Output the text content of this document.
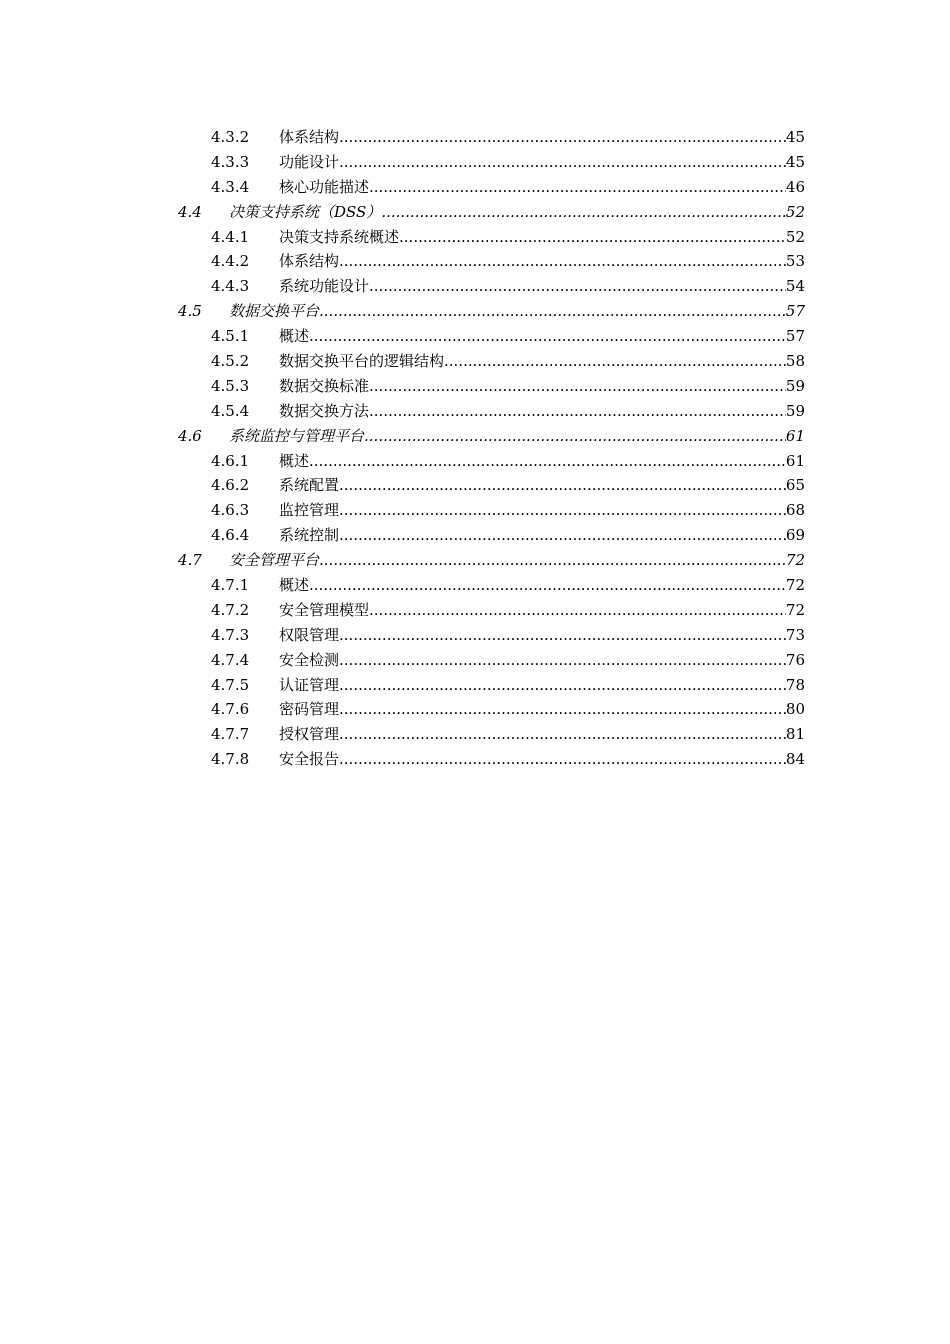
4.3.2 体系结构 .....	45
4.3.3 功能设计 .....	45
4.3.4 核心功能描述 .....	46
4.4 决策支持系统（DSS） .....	52
4.4.1 决策支持系统概述 .....	52
4.4.2 体系结构 .....	53
4.4.3 系统功能设计 .....	54
4.5 数据交换平台 .....	57
4.5.1 概述 .....	57
4.5.2 数据交换平台的逻辑结构 .....	58
4.5.3 数据交换标准 .....	59
4.5.4 数据交换方法 .....	59
4.6 系统监控与管理平台 .....	61
4.6.1 概述 .....	61
4.6.2 系统配置 .....	65
4.6.3 监控管理 .....	68
4.6.4 系统控制 .....	69
4.7 安全管理平台 .....	72
4.7.1 概述 .....	72
4.7.2 安全管理模型 .....	72
4.7.3 权限管理 .....	73
4.7.4 安全检测 .....	76
4.7.5 认证管理 .....	78
4.7.6 密码管理 .....	80
4.7.7 授权管理 .....	81
4.7.8 安全报告 .....	84
